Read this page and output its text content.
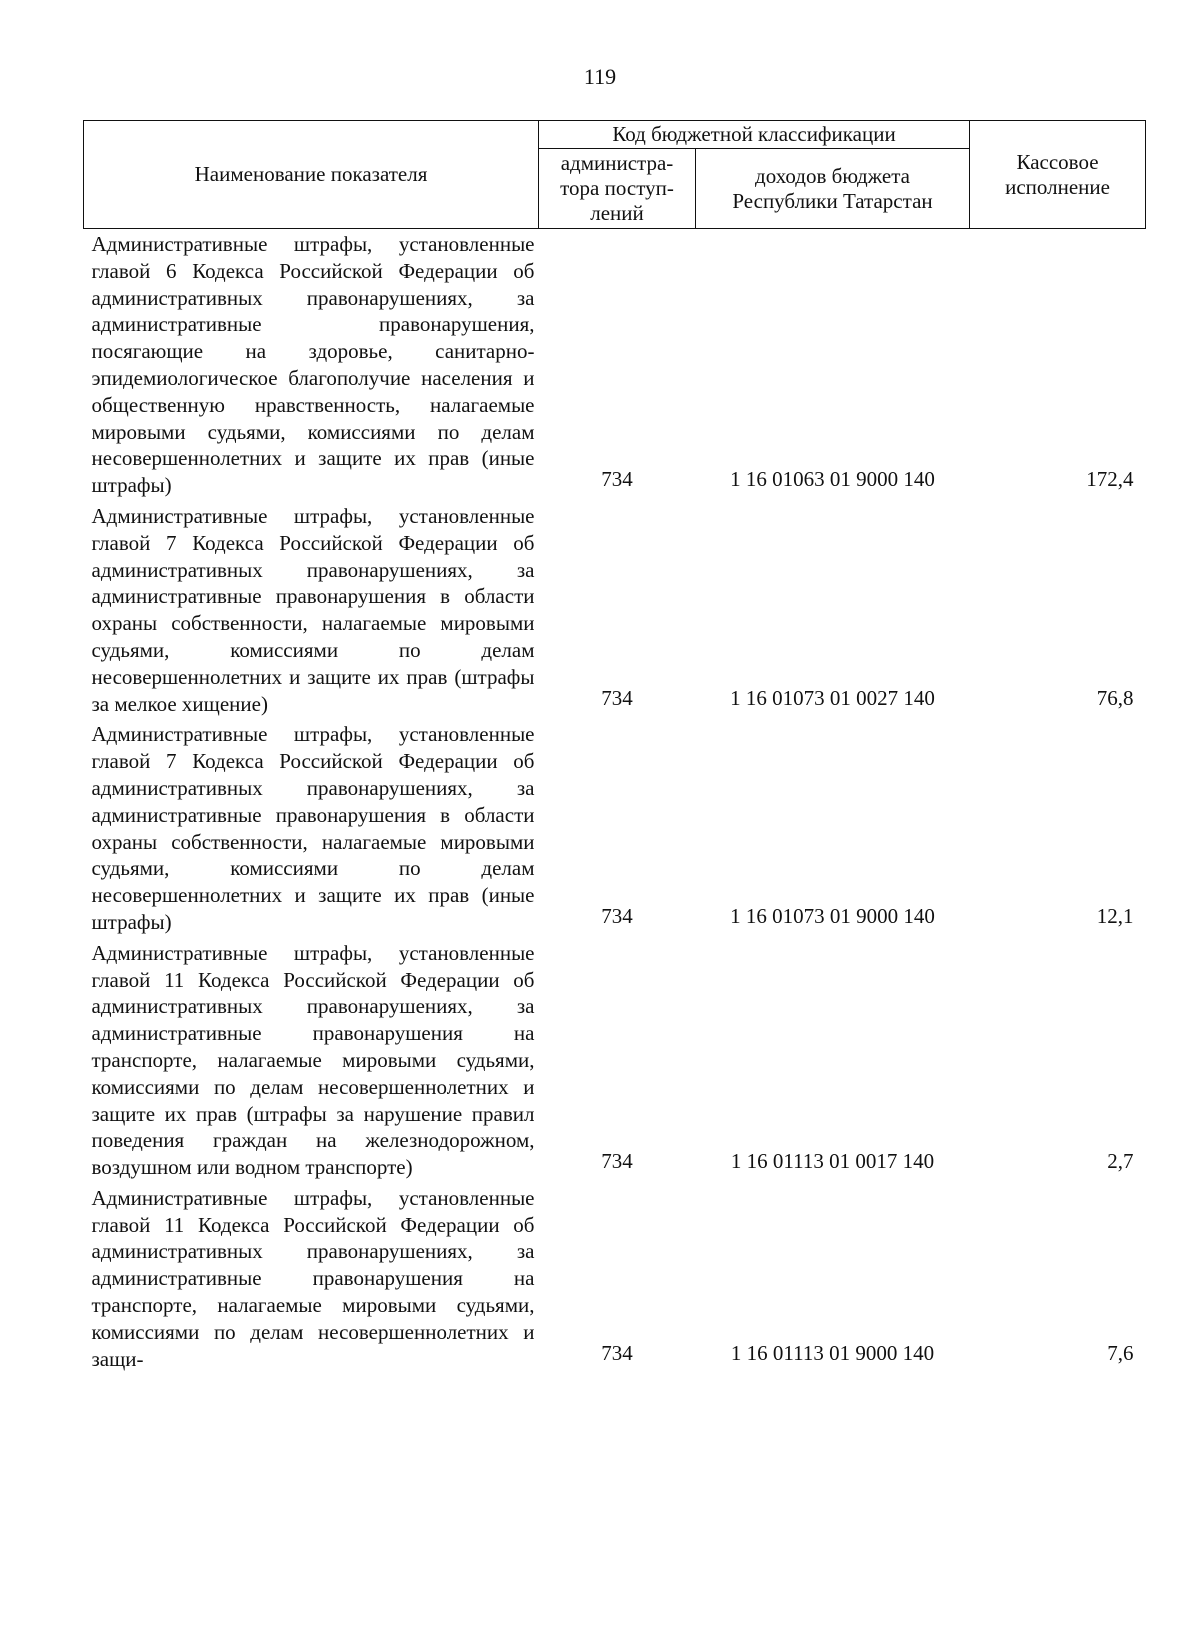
119
Наименование показателя	Код бюджетной классификации		Кассовое исполнение
	администра-тора поступ-лений	доходов бюджета Республики Татарстан	
Административные штрафы, установленные главой 6 Кодекса Российской Федерации об административных правонарушениях, за административные правонарушения, посягающие на здоровье, санитарно-эпидемиологическое благополучие населения и общественную нравственность, налагаемые мировыми судьями, комиссиями по делам несовершеннолетних и защите их прав (иные штрафы)	734	1 16 01063 01 9000 140	172,4
Административные штрафы, установленные главой 7 Кодекса Российской Федерации об административных правонарушениях, за административные правонарушения в области охраны собственности, налагаемые мировыми судьями, комиссиями по делам несовершеннолетних и защите их прав (штрафы за мелкое хищение)	734	1 16 01073 01 0027 140	76,8
Административные штрафы, установленные главой 7 Кодекса Российской Федерации об административных правонарушениях, за административные правонарушения в области охраны собственности, налагаемые мировыми судьями, комиссиями по делам несовершеннолетних и защите их прав (иные штрафы)	734	1 16 01073 01 9000 140	12,1
Административные штрафы, установленные главой 11 Кодекса Российской Федерации об административных правонарушениях, за административные правонарушения на транспорте, налагаемые мировыми судьями, комиссиями по делам несовершеннолетних и защите их прав (штрафы за нарушение правил поведения граждан на железнодорожном, воздушном или водном транспорте)	734	1 16 01113 01 0017 140	2,7
Административные штрафы, установленные главой 11 Кодекса Российской Федерации об административных правонарушениях, за административные правонарушения на транспорте, налагаемые мировыми судьями, комиссиями по делам несовершеннолетних и защи-	734	1 16 01113 01 9000 140	7,6
